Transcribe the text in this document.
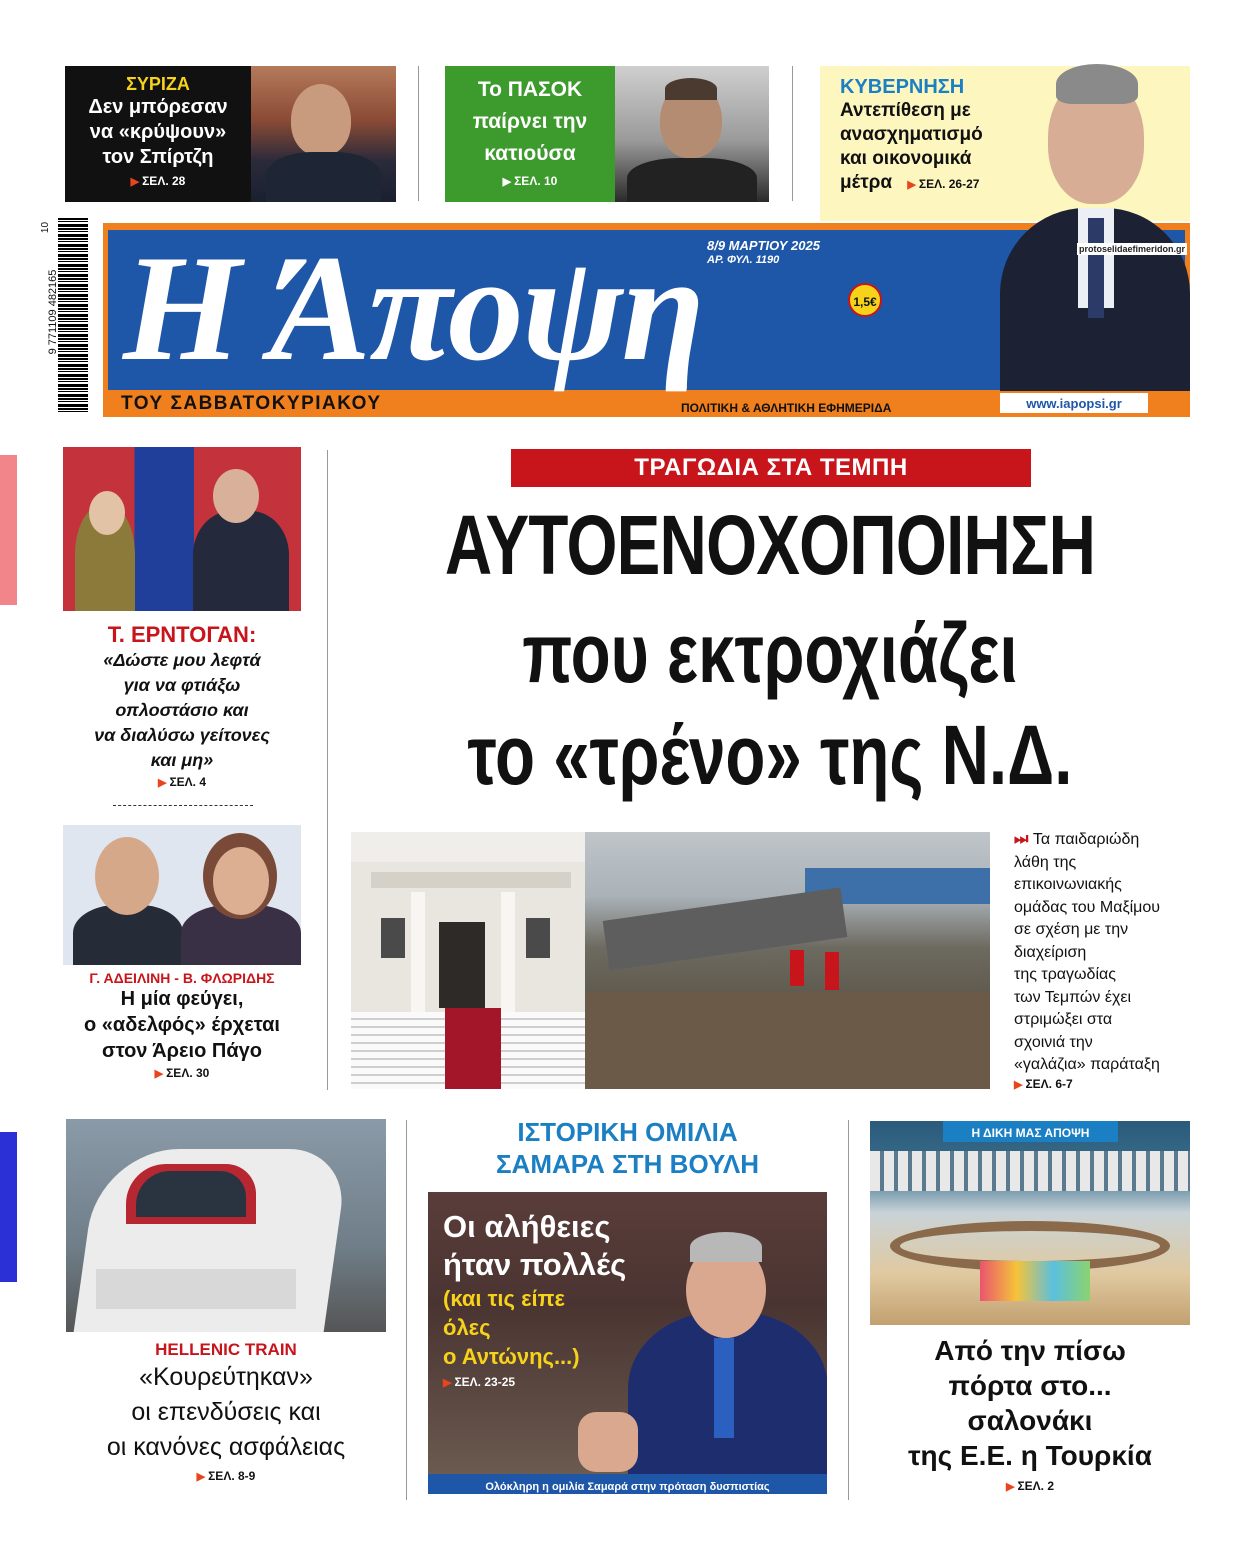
ΣΥΡΙΖΑ
Δεν μπόρεσαν
να «κρύψουν»
τον Σπίρτζη
▶ ΣΕΛ. 28
Το ΠΑΣΟΚ
παίρνει την
κατιούσα
▶ ΣΕΛ. 10
ΚΥΒΕΡΝΗΣΗ
Αντεπίθεση με
ανασχηματισμό
και οικονομικά
μέτρα ▶ ΣΕΛ. 26-27
9 771109 482165
10 Η Άποψη 8/9 ΜΑΡΤΙΟΥ 2025
ΑΡ. ΦΥΛ. 1190
1,5€
ΤΟΥ ΣΑΒΒΑΤΟΚΥΡΙΑΚΟΥ	ΠΟΛΙΤΙΚΗ & ΑΘΛΗΤΙΚΗ ΕΦΗΜΕΡΙΔΑ	www.iapopsi.gr
protoselidaefimeridon.gr
Τ. ΕΡΝΤΟΓΑΝ:
«Δώστε μου λεφτά
για να φτιάξω
οπλοστάσιο και
να διαλύσω γείτονες
και μη»
▶ ΣΕΛ. 4
Γ. ΑΔΕΙΛΙΝΗ - Β. ΦΛΩΡΙΔΗΣ
Η μία φεύγει,
ο «αδελφός» έρχεται
στον Άρειο Πάγο
▶ ΣΕΛ. 30
ΤΡΑΓΩΔΙΑ ΣΤΑ ΤΕΜΠΗ
ΑΥΤΟΕΝΟΧΟΠΟΙΗΣΗ
που εκτροχιάζει
το «τρένο» της Ν.Δ.
⏭ Τα παιδαριώδη
λάθη της
επικοινωνιακής
ομάδας του Μαξίμου
σε σχέση με την
διαχείριση
της τραγωδίας
των Τεμπών έχει
στριμώξει στα
σχοινιά την
«γαλάζια» παράταξη
▶ ΣΕΛ. 6-7
HELLENIC TRAIN
«Κουρεύτηκαν»
οι επενδύσεις και
οι κανόνες ασφάλειας
▶ ΣΕΛ. 8-9
ΙΣΤΟΡΙΚΗ ΟΜΙΛΙΑ
ΣΑΜΑΡΑ ΣΤΗ ΒΟΥΛΗ
Οι αλήθειες
ήταν πολλές
(και τις είπε
όλες
ο Αντώνης...)
▶ ΣΕΛ. 23-25
Ολόκληρη η ομιλία Σαμαρά στην πρόταση δυσπιστίας
Η ΔΙΚΗ ΜΑΣ ΑΠΟΨΗ
Από την πίσω
πόρτα στο...
σαλονάκι
της Ε.Ε. η Τουρκία
▶ ΣΕΛ. 2
